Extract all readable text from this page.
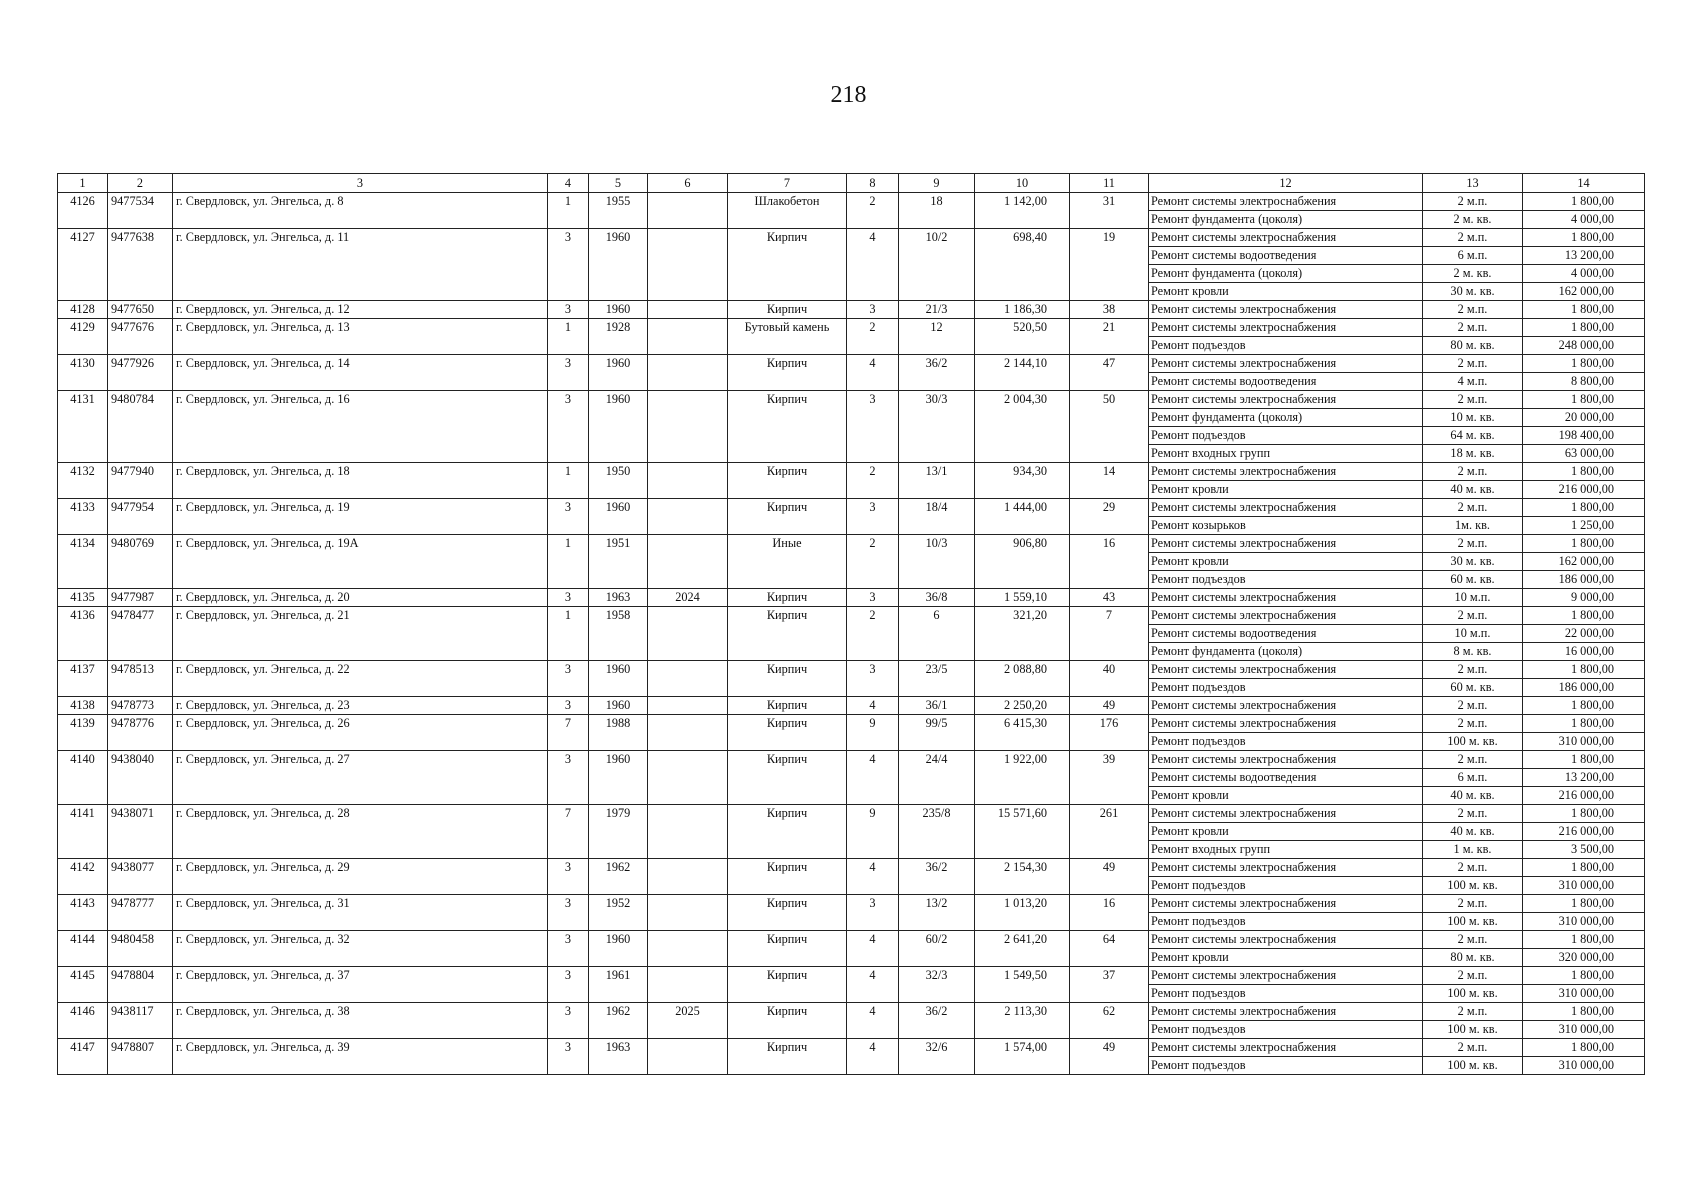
218
1	2	3	4	5	6	7	8	9	10	11	12	13	14
4126	9477534	г. Свердловск, ул. Энгельса, д. 8	1	1955		Шлакобетон	2	18	1 142,00	31	Ремонт системы электроснабжения	2 м.п.	1 800,00
											Ремонт фундамента (цоколя)	2 м. кв.	4 000,00
4127	9477638	г. Свердловск, ул. Энгельса, д. 11	3	1960		Кирпич	4	10/2	698,40	19	Ремонт системы электроснабжения	2 м.п.	1 800,00
											Ремонт системы водоотведения	6 м.п.	13 200,00
											Ремонт фундамента (цоколя)	2 м. кв.	4 000,00
											Ремонт кровли	30 м. кв.	162 000,00
4128	9477650	г. Свердловск, ул. Энгельса, д. 12	3	1960		Кирпич	3	21/3	1 186,30	38	Ремонт системы электроснабжения	2 м.п.	1 800,00
4129	9477676	г. Свердловск, ул. Энгельса, д. 13	1	1928		Бутовый камень	2	12	520,50	21	Ремонт системы электроснабжения	2 м.п.	1 800,00
											Ремонт подъездов	80 м. кв.	248 000,00
4130	9477926	г. Свердловск, ул. Энгельса, д. 14	3	1960		Кирпич	4	36/2	2 144,10	47	Ремонт системы электроснабжения	2 м.п.	1 800,00
											Ремонт системы водоотведения	4 м.п.	8 800,00
4131	9480784	г. Свердловск, ул. Энгельса, д. 16	3	1960		Кирпич	3	30/3	2 004,30	50	Ремонт системы электроснабжения	2 м.п.	1 800,00
											Ремонт фундамента (цоколя)	10 м. кв.	20 000,00
											Ремонт подъездов	64 м. кв.	198 400,00
											Ремонт входных групп	18 м. кв.	63 000,00
4132	9477940	г. Свердловск, ул. Энгельса, д. 18	1	1950		Кирпич	2	13/1	934,30	14	Ремонт системы электроснабжения	2 м.п.	1 800,00
											Ремонт кровли	40 м. кв.	216 000,00
4133	9477954	г. Свердловск, ул. Энгельса, д. 19	3	1960		Кирпич	3	18/4	1 444,00	29	Ремонт системы электроснабжения	2 м.п.	1 800,00
											Ремонт козырьков	1м. кв.	1 250,00
4134	9480769	г. Свердловск, ул. Энгельса, д. 19А	1	1951		Иные	2	10/3	906,80	16	Ремонт системы электроснабжения	2 м.п.	1 800,00
											Ремонт кровли	30 м. кв.	162 000,00
											Ремонт подъездов	60 м. кв.	186 000,00
4135	9477987	г. Свердловск, ул. Энгельса, д. 20	3	1963	2024	Кирпич	3	36/8	1 559,10	43	Ремонт системы электроснабжения	10 м.п.	9 000,00
4136	9478477	г. Свердловск, ул. Энгельса, д. 21	1	1958		Кирпич	2	6	321,20	7	Ремонт системы электроснабжения	2 м.п.	1 800,00
											Ремонт системы водоотведения	10 м.п.	22 000,00
											Ремонт фундамента (цоколя)	8 м. кв.	16 000,00
4137	9478513	г. Свердловск, ул. Энгельса, д. 22	3	1960		Кирпич	3	23/5	2 088,80	40	Ремонт системы электроснабжения	2 м.п.	1 800,00
											Ремонт подъездов	60 м. кв.	186 000,00
4138	9478773	г. Свердловск, ул. Энгельса, д. 23	3	1960		Кирпич	4	36/1	2 250,20	49	Ремонт системы электроснабжения	2 м.п.	1 800,00
4139	9478776	г. Свердловск, ул. Энгельса, д. 26	7	1988		Кирпич	9	99/5	6 415,30	176	Ремонт системы электроснабжения	2 м.п.	1 800,00
											Ремонт подъездов	100 м. кв.	310 000,00
4140	9438040	г. Свердловск, ул. Энгельса, д. 27	3	1960		Кирпич	4	24/4	1 922,00	39	Ремонт системы электроснабжения	2 м.п.	1 800,00
											Ремонт системы водоотведения	6 м.п.	13 200,00
											Ремонт кровли	40 м. кв.	216 000,00
4141	9438071	г. Свердловск, ул. Энгельса, д. 28	7	1979		Кирпич	9	235/8	15 571,60	261	Ремонт системы электроснабжения	2 м.п.	1 800,00
											Ремонт кровли	40 м. кв.	216 000,00
											Ремонт входных групп	1 м. кв.	3 500,00
4142	9438077	г. Свердловск, ул. Энгельса, д. 29	3	1962		Кирпич	4	36/2	2 154,30	49	Ремонт системы электроснабжения	2 м.п.	1 800,00
											Ремонт подъездов	100 м. кв.	310 000,00
4143	9478777	г. Свердловск, ул. Энгельса, д. 31	3	1952		Кирпич	3	13/2	1 013,20	16	Ремонт системы электроснабжения	2 м.п.	1 800,00
											Ремонт подъездов	100 м. кв.	310 000,00
4144	9480458	г. Свердловск, ул. Энгельса, д. 32	3	1960		Кирпич	4	60/2	2 641,20	64	Ремонт системы электроснабжения	2 м.п.	1 800,00
											Ремонт кровли	80 м. кв.	320 000,00
4145	9478804	г. Свердловск, ул. Энгельса, д. 37	3	1961		Кирпич	4	32/3	1 549,50	37	Ремонт системы электроснабжения	2 м.п.	1 800,00
											Ремонт подъездов	100 м. кв.	310 000,00
4146	9438117	г. Свердловск, ул. Энгельса, д. 38	3	1962	2025	Кирпич	4	36/2	2 113,30	62	Ремонт системы электроснабжения	2 м.п.	1 800,00
											Ремонт подъездов	100 м. кв.	310 000,00
4147	9478807	г. Свердловск, ул. Энгельса, д. 39	3	1963		Кирпич	4	32/6	1 574,00	49	Ремонт системы электроснабжения	2 м.п.	1 800,00
											Ремонт подъездов	100 м. кв.	310 000,00
